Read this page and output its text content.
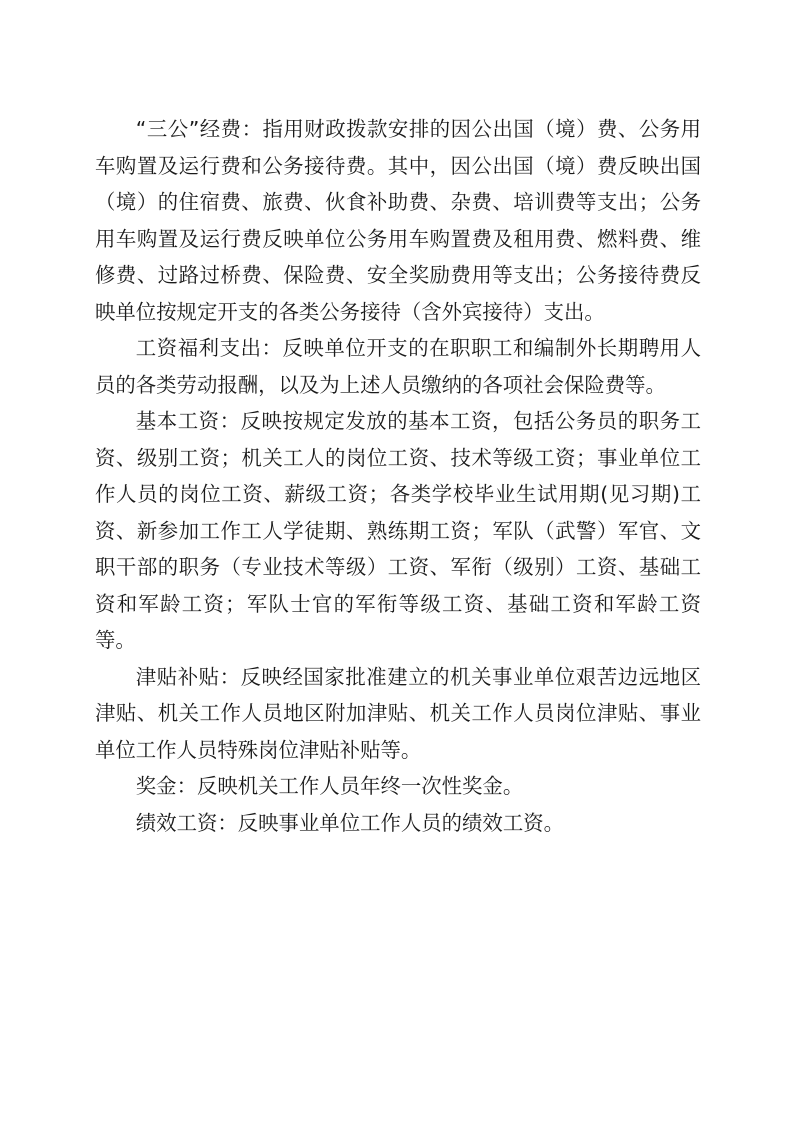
“三公”经费：指用财政拨款安排的因公出国（境）费、公务用车购置及运行费和公务接待费。其中，因公出国（境）费反映出国（境）的住宿费、旅费、伙食补助费、杂费、培训费等支出；公务用车购置及运行费反映单位公务用车购置费及租用费、燃料费、维修费、过路过桥费、保险费、安全奖励费用等支出；公务接待费反映单位按规定开支的各类公务接待（含外宾接待）支出。

工资福利支出：反映单位开支的在职职工和编制外长期聘用人员的各类劳动报酬，以及为上述人员缴纳的各项社会保险费等。

基本工资：反映按规定发放的基本工资，包括公务员的职务工资、级别工资；机关工人的岗位工资、技术等级工资；事业单位工作人员的岗位工资、薪级工资；各类学校毕业生试用期(见习期)工资、新参加工作工人学徒期、熟练期工资；军队（武警）军官、文职干部的职务（专业技术等级）工资、军衔（级别）工资、基础工资和军龄工资；军队士官的军衔等级工资、基础工资和军龄工资等。

津贴补贴：反映经国家批准建立的机关事业单位艰苦边远地区津贴、机关工作人员地区附加津贴、机关工作人员岗位津贴、事业单位工作人员特殊岗位津贴补贴等。

奖金：反映机关工作人员年终一次性奖金。

绩效工资：反映事业单位工作人员的绩效工资。
